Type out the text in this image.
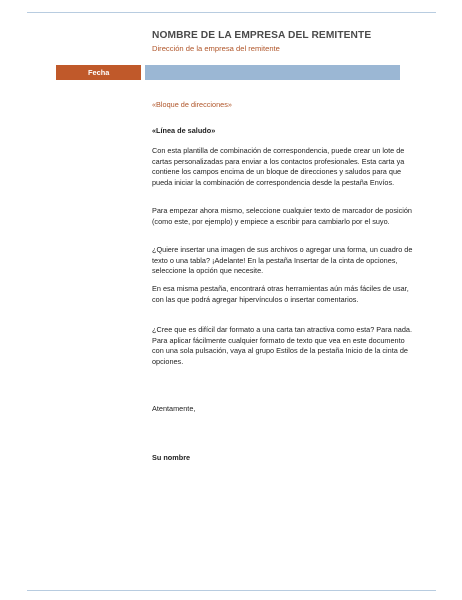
NOMBRE DE LA EMPRESA DEL REMITENTE
Dirección de la empresa del remitente
Fecha
«Bloque de direcciones»
«Línea de saludo»

Con esta plantilla de combinación de correspondencia, puede crear un lote de cartas personalizadas para enviar a los contactos profesionales. Esta carta ya contiene los campos encima de un bloque de direcciones y saludos para que pueda iniciar la combinación de correspondencia desde la pestaña Envíos.

Para empezar ahora mismo, seleccione cualquier texto de marcador de posición (como este, por ejemplo) y empiece a escribir para cambiarlo por el suyo.

¿Quiere insertar una imagen de sus archivos o agregar una forma, un cuadro de texto o una tabla? ¡Adelante! En la pestaña Insertar de la cinta de opciones, seleccione la opción que necesite.

En esa misma pestaña, encontrará otras herramientas aún más fáciles de usar, con las que podrá agregar hipervínculos o insertar comentarios.

¿Cree que es difícil dar formato a una carta tan atractiva como esta? Para nada. Para aplicar fácilmente cualquier formato de texto que vea en este documento con una sola pulsación, vaya al grupo Estilos de la pestaña Inicio de la cinta de opciones.

Atentamente,
Su nombre
